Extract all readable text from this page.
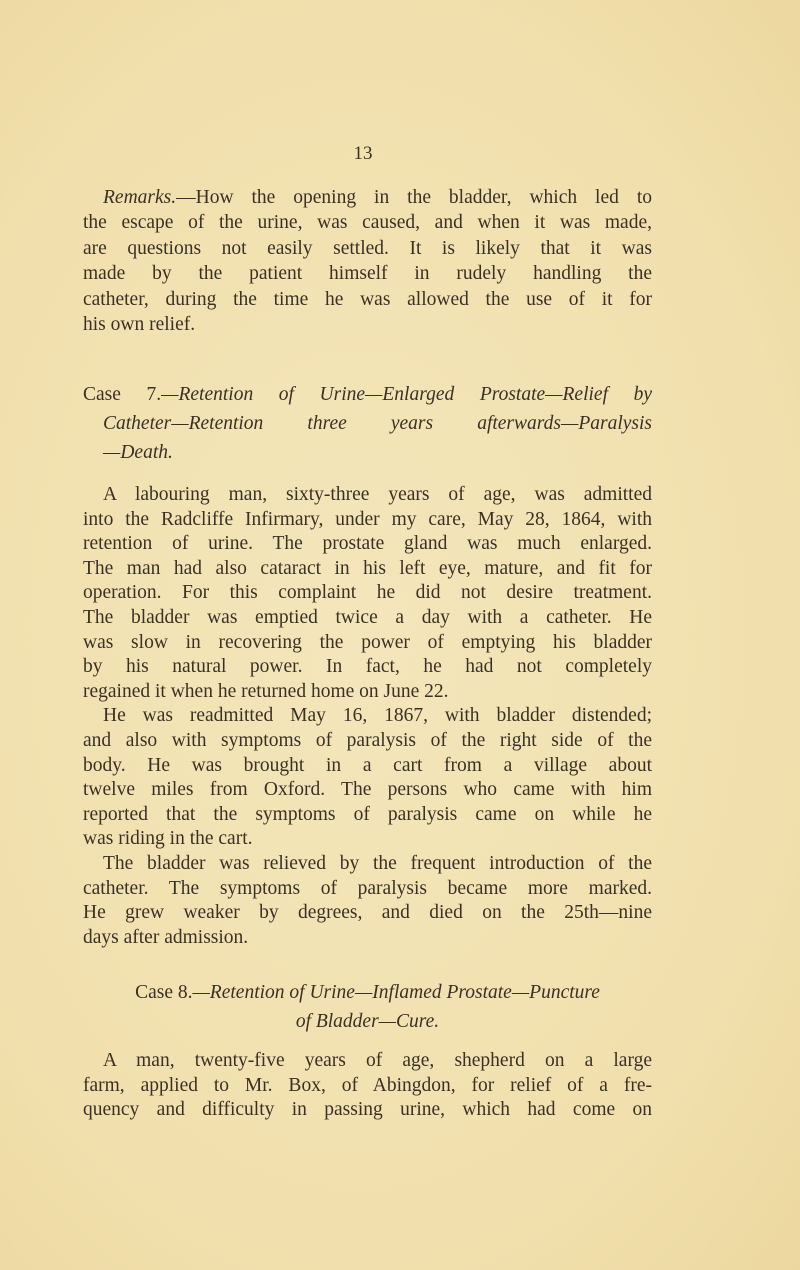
13
Remarks.—How the opening in the bladder, which led to
the escape of the urine, was caused, and when it was made,
are questions not easily settled. It is likely that it was
made by the patient himself in rudely handling the
catheter, during the time he was allowed the use of it for
his own relief.
Case 7.—Retention of Urine—Enlarged Prostate—Relief by
Catheter—Retention three years afterwards—Paralysis
—Death.
A labouring man, sixty-three years of age, was admitted
into the Radcliffe Infirmary, under my care, May 28, 1864, with
retention of urine. The prostate gland was much enlarged.
The man had also cataract in his left eye, mature, and fit for
operation. For this complaint he did not desire treatment.
The bladder was emptied twice a day with a catheter. He
was slow in recovering the power of emptying his bladder
by his natural power. In fact, he had not completely
regained it when he returned home on June 22.
He was readmitted May 16, 1867, with bladder distended;
and also with symptoms of paralysis of the right side of the
body. He was brought in a cart from a village about
twelve miles from Oxford. The persons who came with him
reported that the symptoms of paralysis came on while he
was riding in the cart.
The bladder was relieved by the frequent introduction of the
catheter. The symptoms of paralysis became more marked.
He grew weaker by degrees, and died on the 25th—nine
days after admission.
Case 8.—Retention of Urine—Inflamed Prostate—Puncture
of Bladder—Cure.
A man, twenty-five years of age, shepherd on a large
farm, applied to Mr. Box, of Abingdon, for relief of a fre-
quency and difficulty in passing urine, which had come on
